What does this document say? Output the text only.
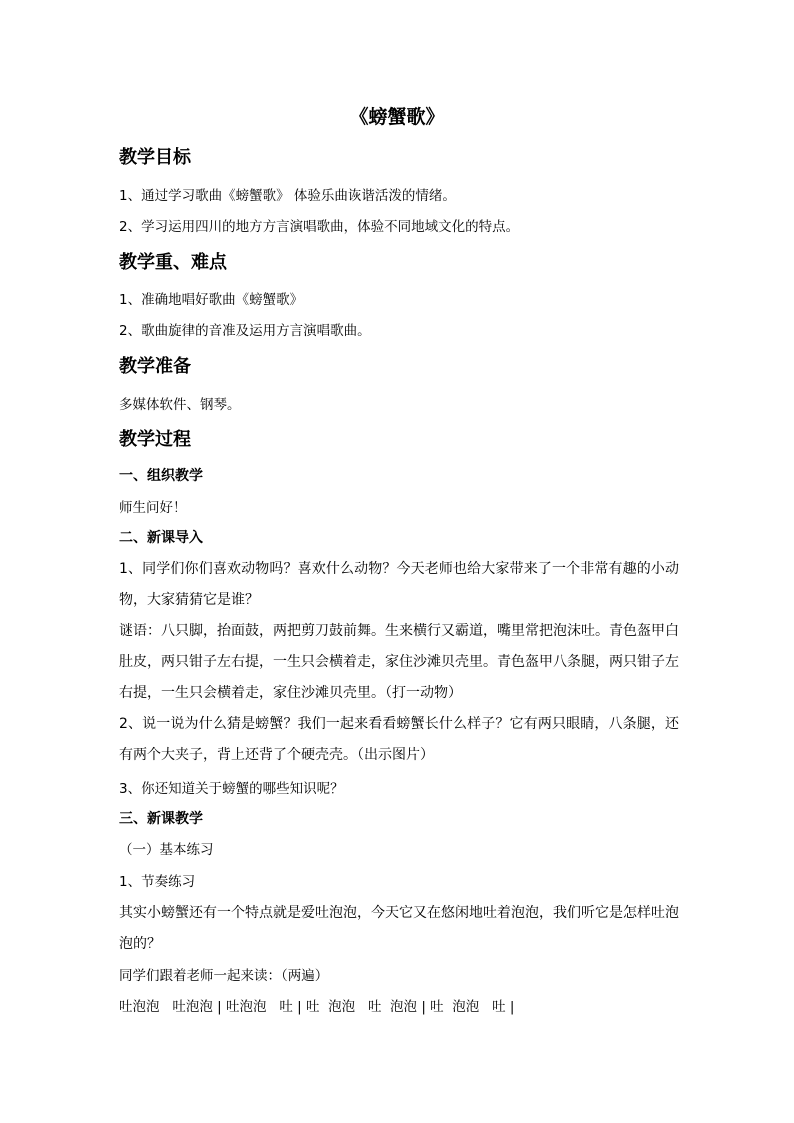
《螃蟹歌》
教学目标
1、通过学习歌曲《螃蟹歌》 体验乐曲诙谐活泼的情绪。
2、学习运用四川的地方方言演唱歌曲，体验不同地域文化的特点。
教学重、难点
1、准确地唱好歌曲《螃蟹歌》
2、歌曲旋律的音准及运用方言演唱歌曲。
教学准备
多媒体软件、钢琴。
教学过程
一、组织教学
师生问好！
二、新课导入
1、同学们你们喜欢动物吗？喜欢什么动物？今天老师也给大家带来了一个非常有趣的小动物，大家猜猜它是谁？
谜语：八只脚，抬面鼓，两把剪刀鼓前舞。生来横行又霸道，嘴里常把泡沫吐。青色盔甲白肚皮，两只钳子左右提，一生只会横着走，家住沙滩贝壳里。青色盔甲八条腿，两只钳子左右提，一生只会横着走，家住沙滩贝壳里。（打一动物）
2、说一说为什么猜是螃蟹？我们一起来看看螃蟹长什么样子？它有两只眼睛，八条腿，还有两个大夹子，背上还背了个硬壳壳。（出示图片）
3、你还知道关于螃蟹的哪些知识呢？
三、新课教学
（一）基本练习
1、节奏练习
其实小螃蟹还有一个特点就是爱吐泡泡，今天它又在悠闲地吐着泡泡，我们听它是怎样吐泡泡的？
同学们跟着老师一起来读：（两遍）
吐泡泡   吐泡泡 | 吐泡泡   吐 | 吐  泡泡   吐  泡泡 | 吐  泡泡   吐 |
